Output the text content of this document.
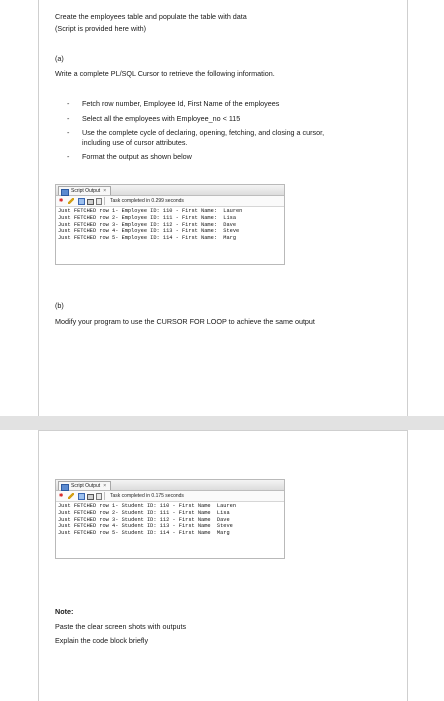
Create the employees table and populate the table with data
(Script is provided here with)
(a)
Write a complete PL/SQL Cursor to retrieve the following information.
- Fetch row number, Employee Id, First Name of the employees
- Select all the employees with Employee_no < 115
- Use the complete cycle of declaring, opening, fetching, and closing a cursor,
including use of cursor attributes.
- Format the output as shown below
Script Output ×
✱	Task completed in 0.299 seconds
Just FETCHED row 1- Employee ID: 110 - First Name:  Lauren
Just FETCHED row 2- Employee ID: 111 - First Name:  Lisa
Just FETCHED row 3- Employee ID: 112 - First Name:  Dave
Just FETCHED row 4- Employee ID: 113 - First Name:  Steve
Just FETCHED row 5- Employee ID: 114 - First Name:  Marg
(b)
Modify your program to use the CURSOR FOR LOOP to achieve the same output
Script Output ×
✱	Task completed in 0.175 seconds
Just FETCHED row 1- Student ID: 110 - First Name  Lauren
Just FETCHED row 2- Student ID: 111 - First Name  Lisa
Just FETCHED row 3- Student ID: 112 - First Name  Dave
Just FETCHED row 4- Student ID: 113 - First Name  Steve
Just FETCHED row 5- Student ID: 114 - First Name  Marg
Note:
Paste the clear screen shots with outputs
Explain the code block briefly
